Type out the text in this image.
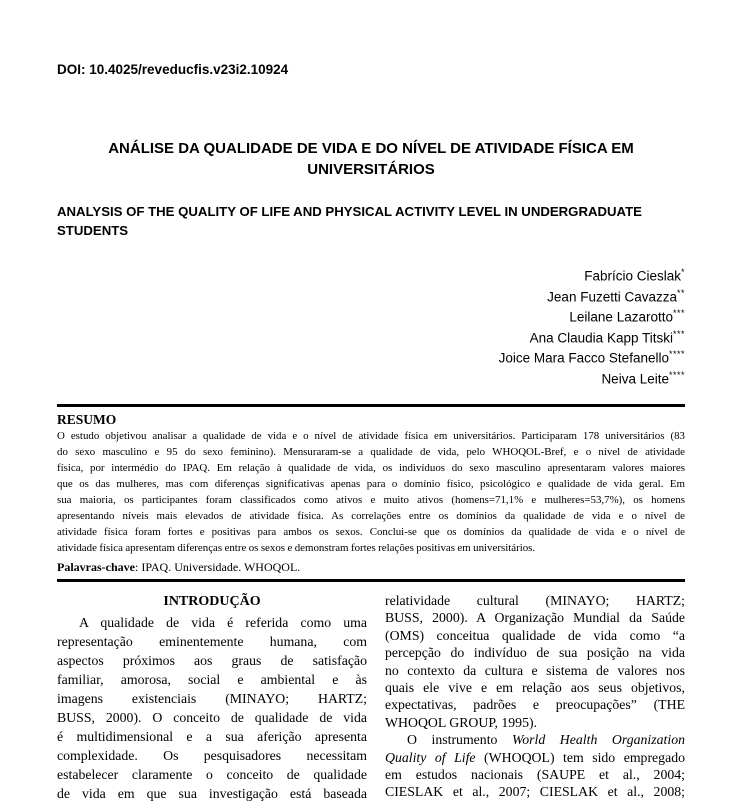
DOI: 10.4025/reveducfis.v23i2.10924
ANÁLISE DA QUALIDADE DE VIDA E DO NÍVEL DE ATIVIDADE FÍSICA EM UNIVERSITÁRIOS
ANALYSIS OF THE QUALITY OF LIFE AND PHYSICAL ACTIVITY LEVEL IN UNDERGRADUATE STUDENTS
Fabrício Cieslak*
Jean Fuzetti Cavazza**
Leilane Lazarotto***
Ana Claudia Kapp Titski***
Joice Mara Facco Stefanello****
Neiva Leite****
RESUMO
O estudo objetivou analisar a qualidade de vida e o nível de atividade física em universitários. Participaram 178 universitários (83
do sexo masculino e 95 do sexo feminino). Mensuraram-se a qualidade de vida, pelo WHOQOL-Bref, e o nível de atividade
física, por intermédio do IPAQ. Em relação à qualidade de vida, os indivíduos do sexo masculino apresentaram valores maiores
que os das mulheres, mas com diferenças significativas apenas para o domínio físico, psicológico e qualidade de vida geral. Em
sua maioria, os participantes foram classificados como ativos e muito ativos (homens=71,1% e mulheres=53,7%), os homens
apresentando níveis mais elevados de atividade física. As correlações entre os domínios da qualidade de vida e o nível de
atividade física foram fortes e positivas para ambos os sexos. Conclui-se que os domínios da qualidade de vida e o nível de
atividade física apresentam diferenças entre os sexos e demonstram fortes relações positivas em universitários.
Palavras-chave: IPAQ. Universidade. WHOQOL.
INTRODUÇÃO
A qualidade de vida é referida como uma
representação eminentemente humana, com
aspectos próximos aos graus de satisfação
familiar, amorosa, social e ambiental e às
imagens existenciais (MINAYO; HARTZ;
BUSS, 2000). O conceito de qualidade de vida
é multidimensional e a sua aferição apresenta
complexidade. Os pesquisadores necessitam
estabelecer claramente o conceito de qualidade
de vida em que sua investigação está baseada
relatividade cultural (MINAYO; HARTZ;
BUSS, 2000). A Organização Mundial da Saúde
(OMS) conceitua qualidade de vida como “a
percepção do indivíduo de sua posição na vida
no contexto da cultura e sistema de valores nos
quais ele vive e em relação aos seus objetivos,
expectativas, padrões e preocupações” (THE
WHOQOL GROUP, 1995).
O instrumento World Health Organization
Quality of Life (WHOQOL) tem sido empregado
em estudos nacionais (SAUPE et al., 2004;
CIESLAK et al., 2007; CIESLAK et al., 2008;
